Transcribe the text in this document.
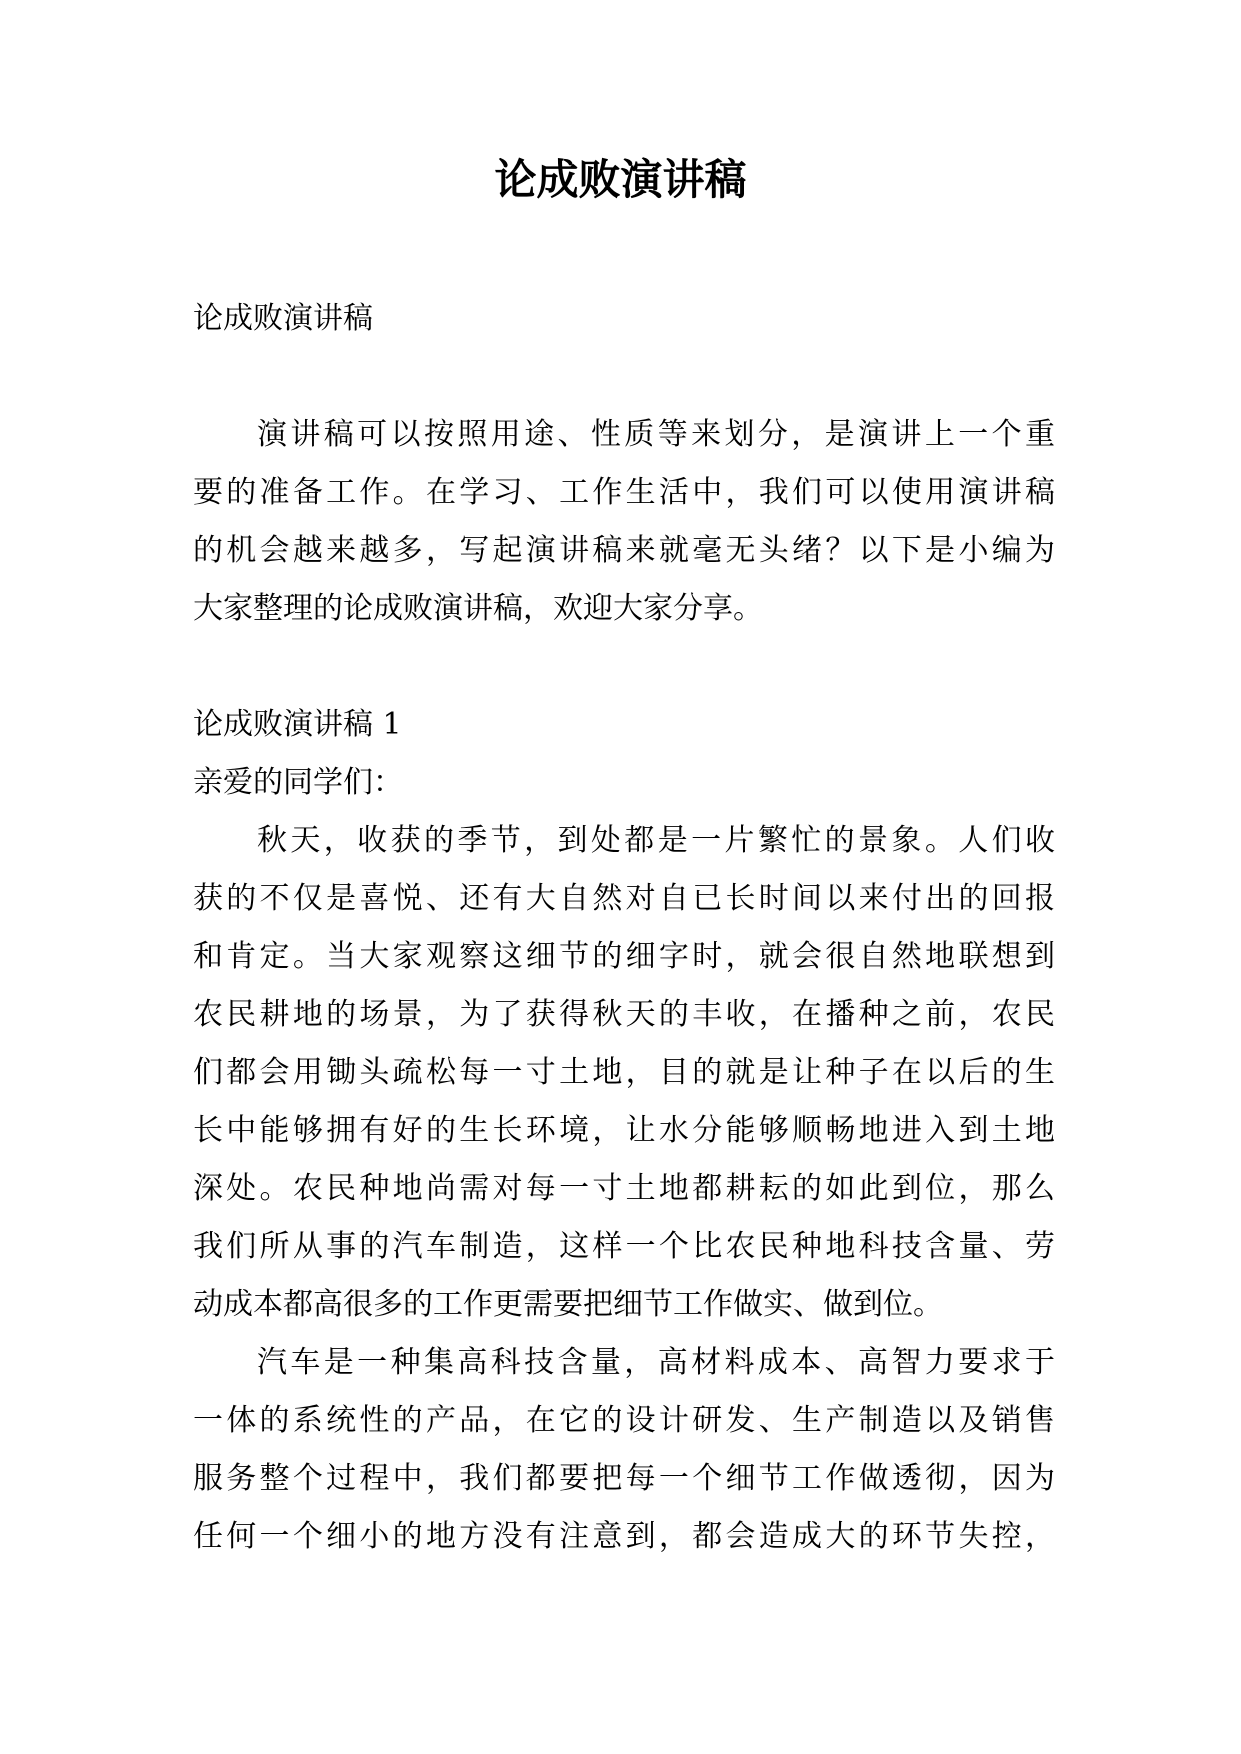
论成败演讲稿

论成败演讲稿

演讲稿可以按照用途、性质等来划分，是演讲上一个重

要的准备工作。在学习、工作生活中，我们可以使用演讲稿

的机会越来越多，写起演讲稿来就毫无头绪？以下是小编为

大家整理的论成败演讲稿，欢迎大家分享。

论成败演讲稿 1

亲爱的同学们：

秋天，收获的季节，到处都是一片繁忙的景象。人们收

获的不仅是喜悦、还有大自然对自已长时间以来付出的回报

和肯定。当大家观察这细节的细字时，就会很自然地联想到

农民耕地的场景，为了获得秋天的丰收，在播种之前，农民

们都会用锄头疏松每一寸土地，目的就是让种子在以后的生

长中能够拥有好的生长环境，让水分能够顺畅地进入到土地

深处。农民种地尚需对每一寸土地都耕耘的如此到位，那么

我们所从事的汽车制造，这样一个比农民种地科技含量、劳

动成本都高很多的工作更需要把细节工作做实、做到位。

汽车是一种集高科技含量，高材料成本、高智力要求于

一体的系统性的产品，在它的设计研发、生产制造以及销售

服务整个过程中，我们都要把每一个细节工作做透彻，因为

任何一个细小的地方没有注意到，都会造成大的环节失控，
